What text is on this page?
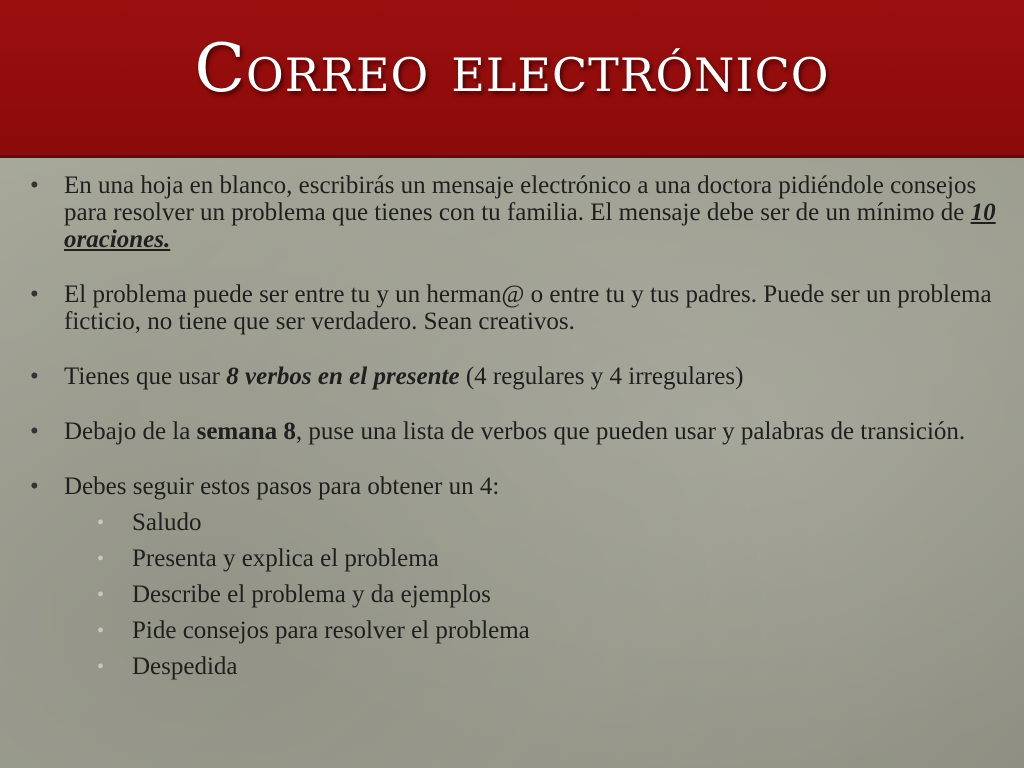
Correo electrónico
• En una hoja en blanco, escribirás un mensaje electrónico a una doctora pidiéndole consejos para resolver un problema que tienes con tu familia. El mensaje debe ser de un mínimo de 10 oraciones.
• El problema puede ser entre tu y un herman@ o entre tu y tus padres. Puede ser un problema ficticio, no tiene que ser verdadero. Sean creativos.
• Tienes que usar 8 verbos en el presente (4 regulares y 4 irregulares)
• Debajo de la semana 8, puse una lista de verbos que pueden usar y palabras de transición.
• Debes seguir estos pasos para obtener un 4:
• Saludo
• Presenta y explica el problema
• Describe el problema y da ejemplos
• Pide consejos para resolver el problema
• Despedida
